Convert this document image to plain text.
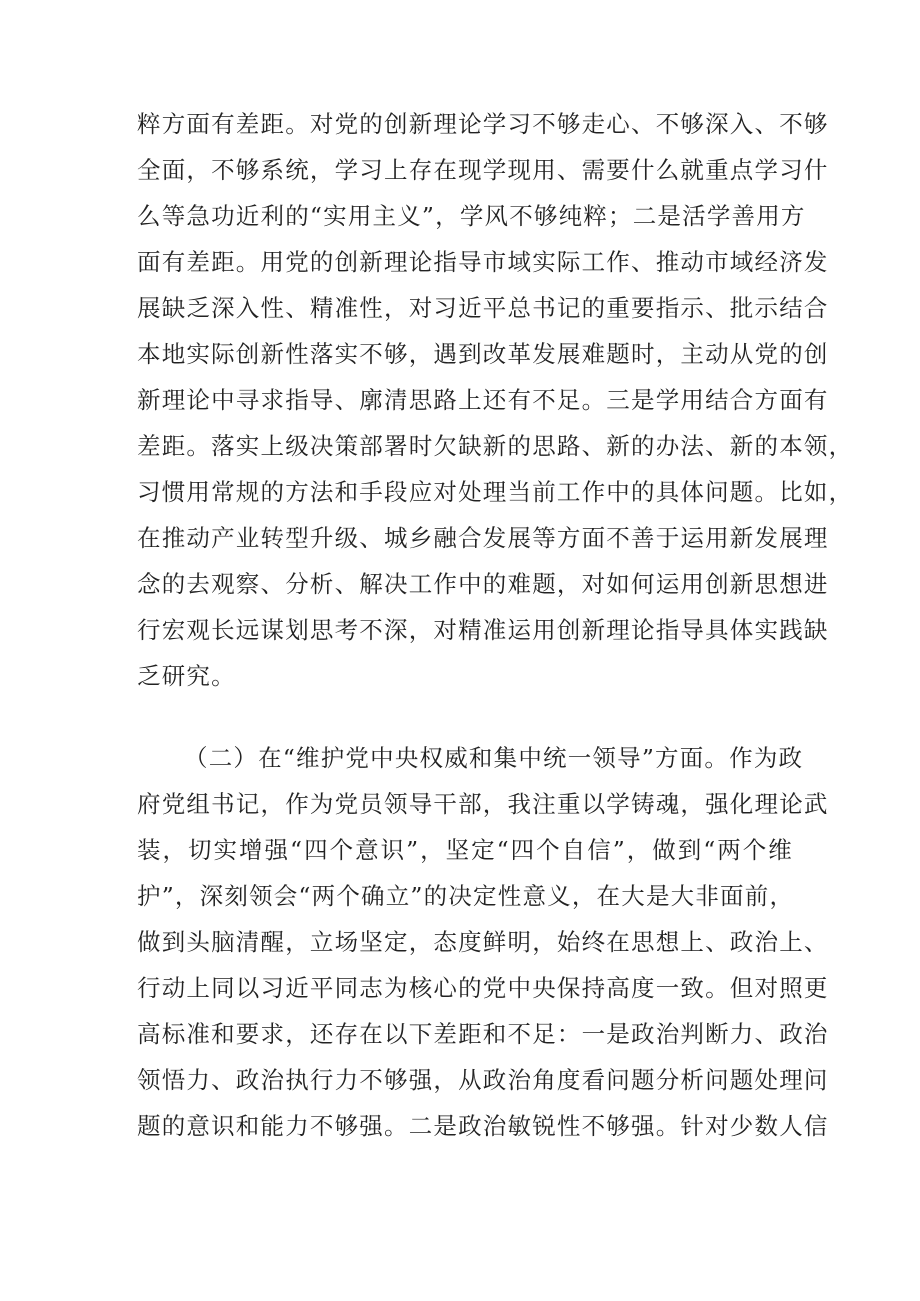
粹方面有差距。对党的创新理论学习不够走心、不够深入、不够
全面，不够系统，学习上存在现学现用、需要什么就重点学习什
么等急功近利的“实用主义”，学风不够纯粹；二是活学善用方
面有差距。用党的创新理论指导市域实际工作、推动市域经济发
展缺乏深入性、精准性，对习近平总书记的重要指示、批示结合
本地实际创新性落实不够，遇到改革发展难题时，主动从党的创
新理论中寻求指导、廓清思路上还有不足。三是学用结合方面有
差距。落实上级决策部署时欠缺新的思路、新的办法、新的本领，
习惯用常规的方法和手段应对处理当前工作中的具体问题。比如，
在推动产业转型升级、城乡融合发展等方面不善于运用新发展理
念的去观察、分析、解决工作中的难题，对如何运用创新思想进
行宏观长远谋划思考不深，对精准运用创新理论指导具体实践缺
乏研究。
（二）在“维护党中央权威和集中统一领导”方面。作为政
府党组书记，作为党员领导干部，我注重以学铸魂，强化理论武
装，切实增强“四个意识”，坚定“四个自信”，做到“两个维
护”，深刻领会“两个确立”的决定性意义，在大是大非面前，
做到头脑清醒，立场坚定，态度鲜明，始终在思想上、政治上、
行动上同以习近平同志为核心的党中央保持高度一致。但对照更
高标准和要求，还存在以下差距和不足：一是政治判断力、政治
领悟力、政治执行力不够强，从政治角度看问题分析问题处理问
题的意识和能力不够强。二是政治敏锐性不够强。针对少数人信
